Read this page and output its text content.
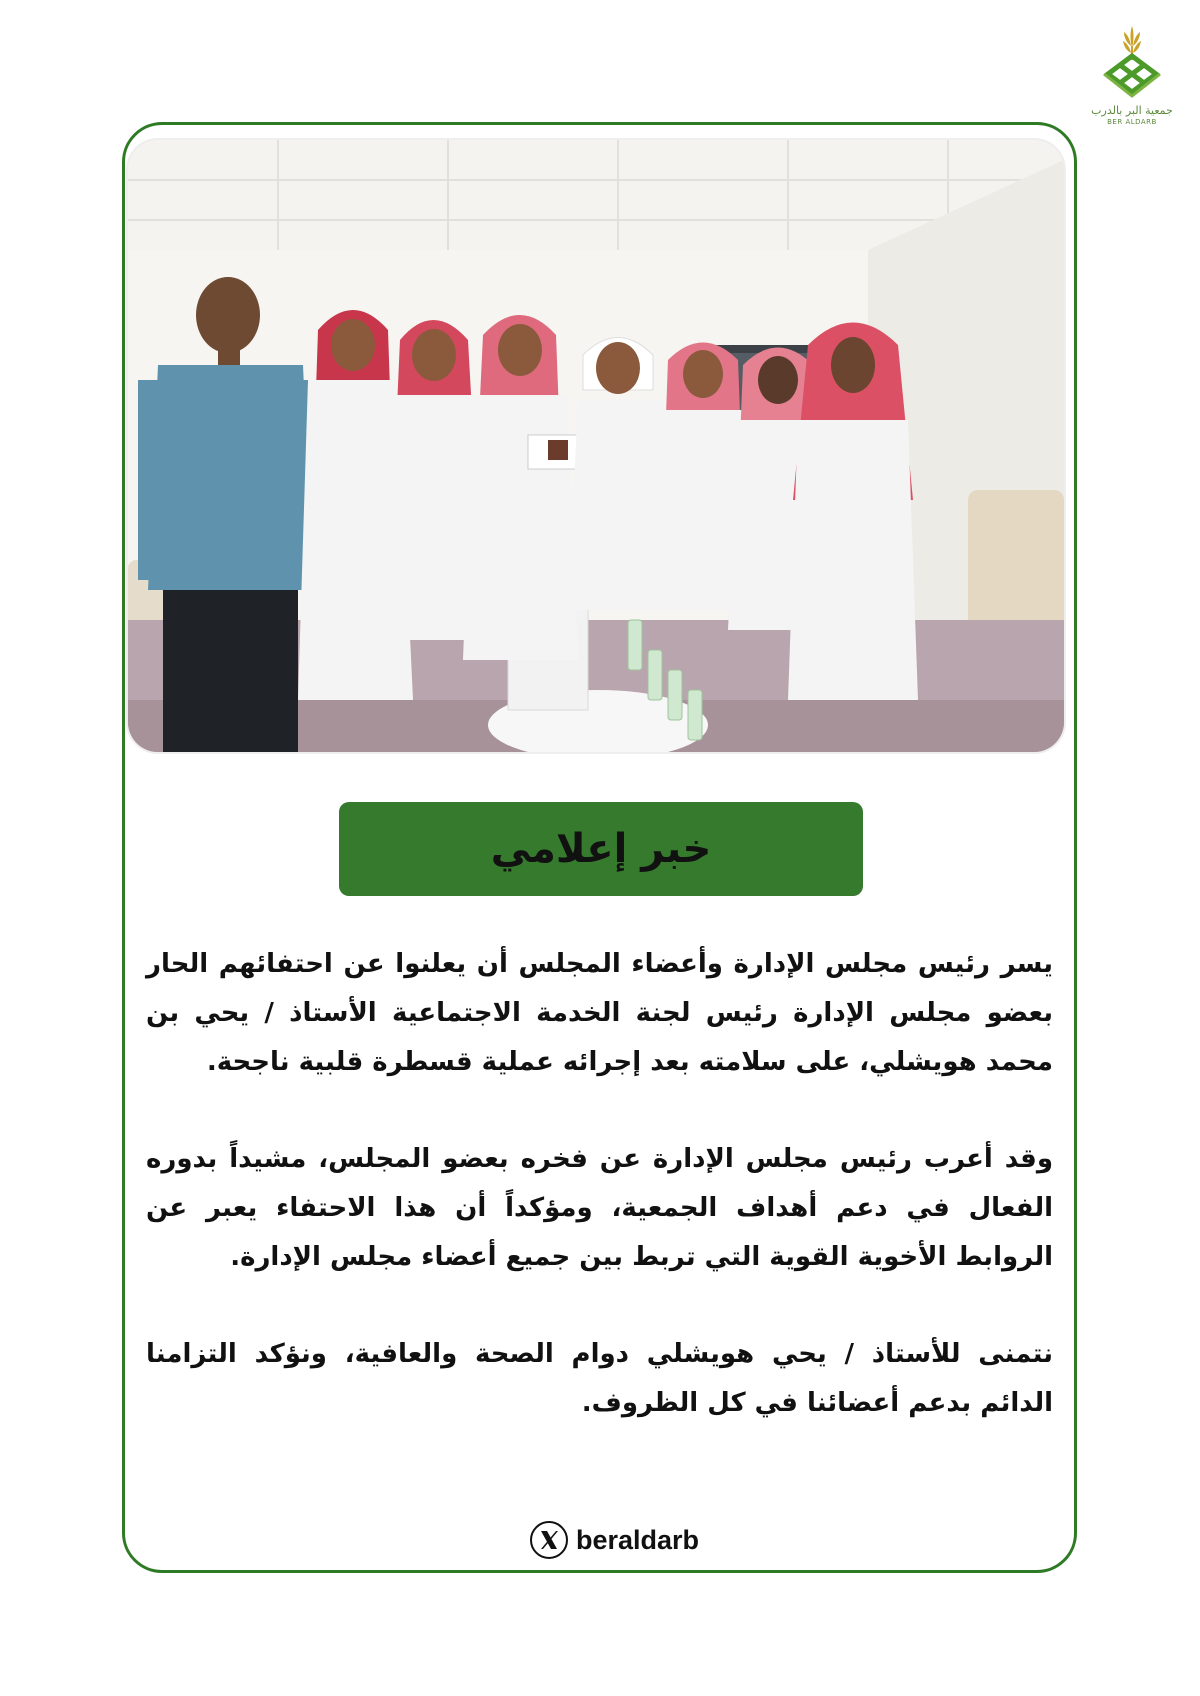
جمعية البر بالدرب
BER ALDARB
خبر إعلامي

يسر رئيس مجلس الإدارة وأعضاء المجلس أن يعلنوا عن احتفائهم الحار بعضو مجلس الإدارة رئيس لجنة الخدمة الاجتماعية الأستاذ / يحي بن محمد هويشلي، على سلامته بعد إجرائه عملية قسطرة قلبية ناجحة.

وقد أعرب رئيس مجلس الإدارة عن فخره بعضو المجلس، مشيداً بدوره الفعال في دعم أهداف الجمعية، ومؤكداً أن هذا الاحتفاء يعبر عن الروابط الأخوية القوية التي تربط بين جميع أعضاء مجلس الإدارة.

نتمنى للأستاذ / يحي هويشلي دوام الصحة والعافية، ونؤكد التزامنا الدائم بدعم أعضائنا في كل الظروف.

beraldarb
